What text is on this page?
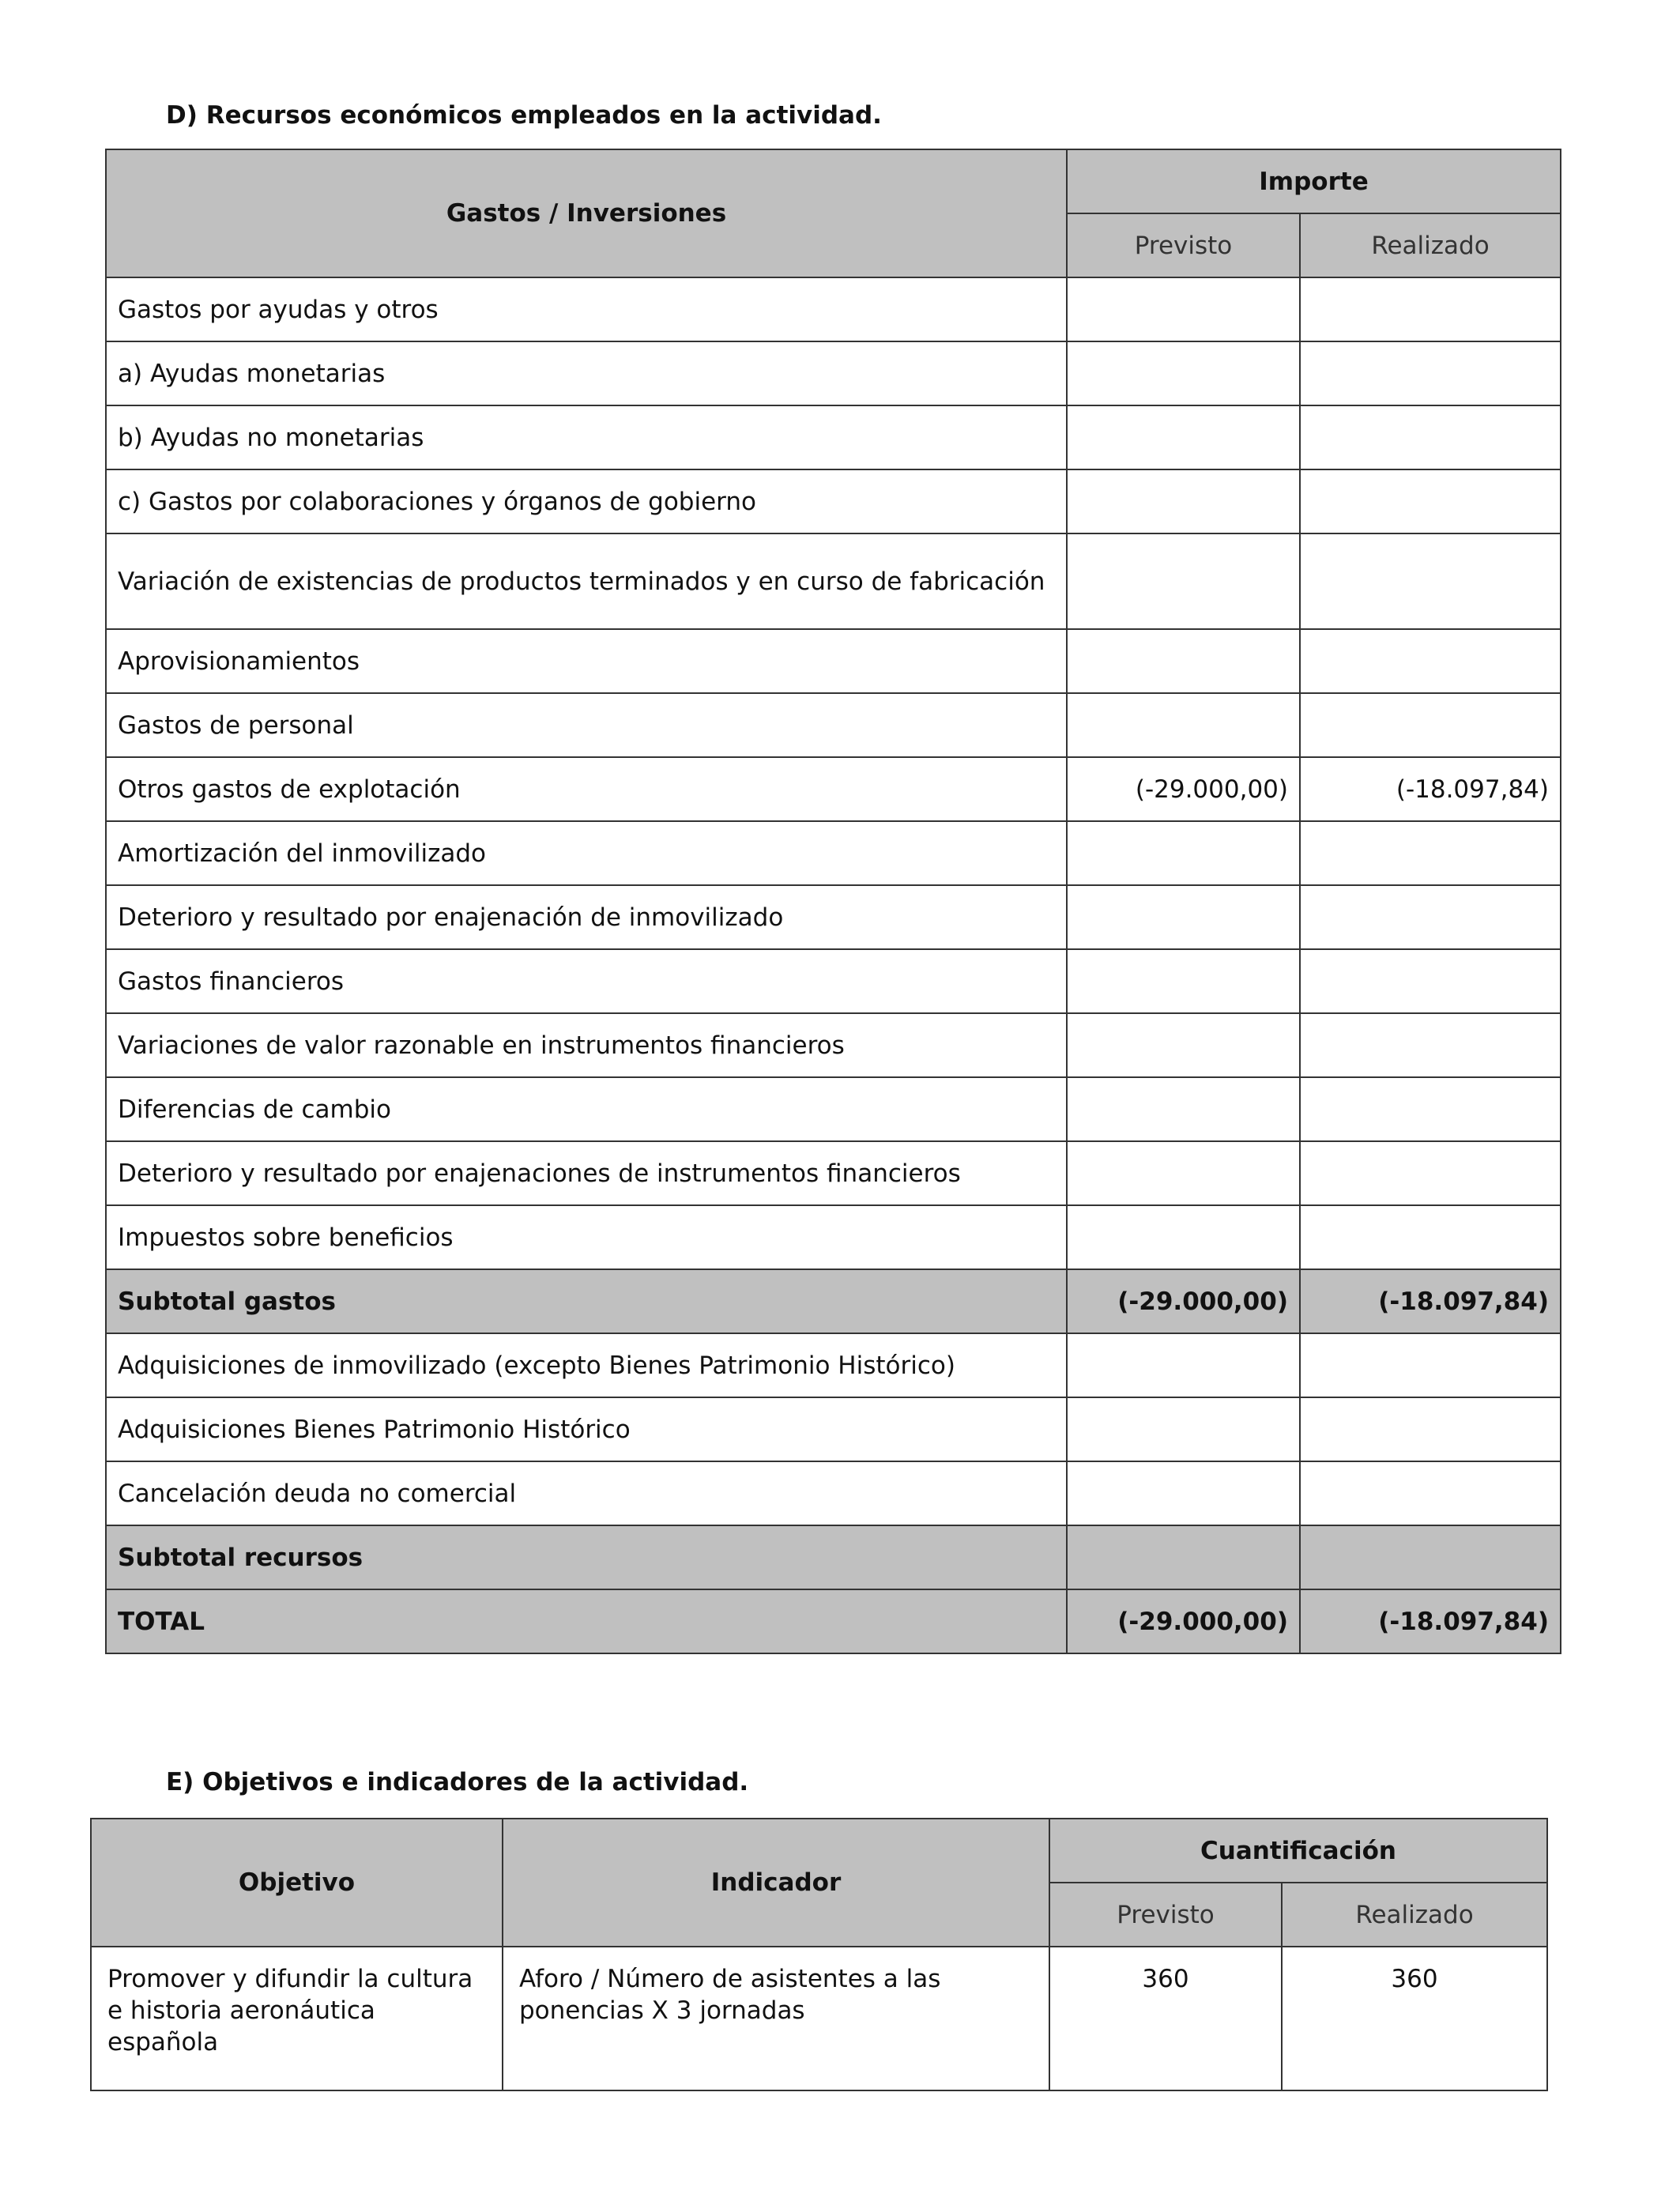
D) Recursos económicos empleados en la actividad.
Gastos / Inversiones	Importe	
	Previsto	Realizado
Gastos por ayudas y otros		
a) Ayudas monetarias		
b) Ayudas no monetarias		
c) Gastos por colaboraciones y órganos de gobierno		
Variación de existencias de productos terminados y en curso de fabricación		
Aprovisionamientos		
Gastos de personal		
Otros gastos de explotación	(-29.000,00)	(-18.097,84)
Amortización del inmovilizado		
Deterioro y resultado por enajenación de inmovilizado		
Gastos financieros		
Variaciones de valor razonable en instrumentos financieros		
Diferencias de cambio		
Deterioro y resultado por enajenaciones de instrumentos financieros		
Impuestos sobre beneficios		
Subtotal gastos	(-29.000,00)	(-18.097,84)
Adquisiciones de inmovilizado (excepto Bienes Patrimonio Histórico)		
Adquisiciones Bienes Patrimonio Histórico		
Cancelación deuda no comercial		
Subtotal recursos		
TOTAL	(-29.000,00)	(-18.097,84)
E) Objetivos e indicadores de la actividad.
Objetivo	Indicador	Cuantificación	
		Previsto	Realizado
Promover y difundir la cultura e historia aeronáutica española	Aforo / Número de asistentes a las ponencias X 3 jornadas	360	360
